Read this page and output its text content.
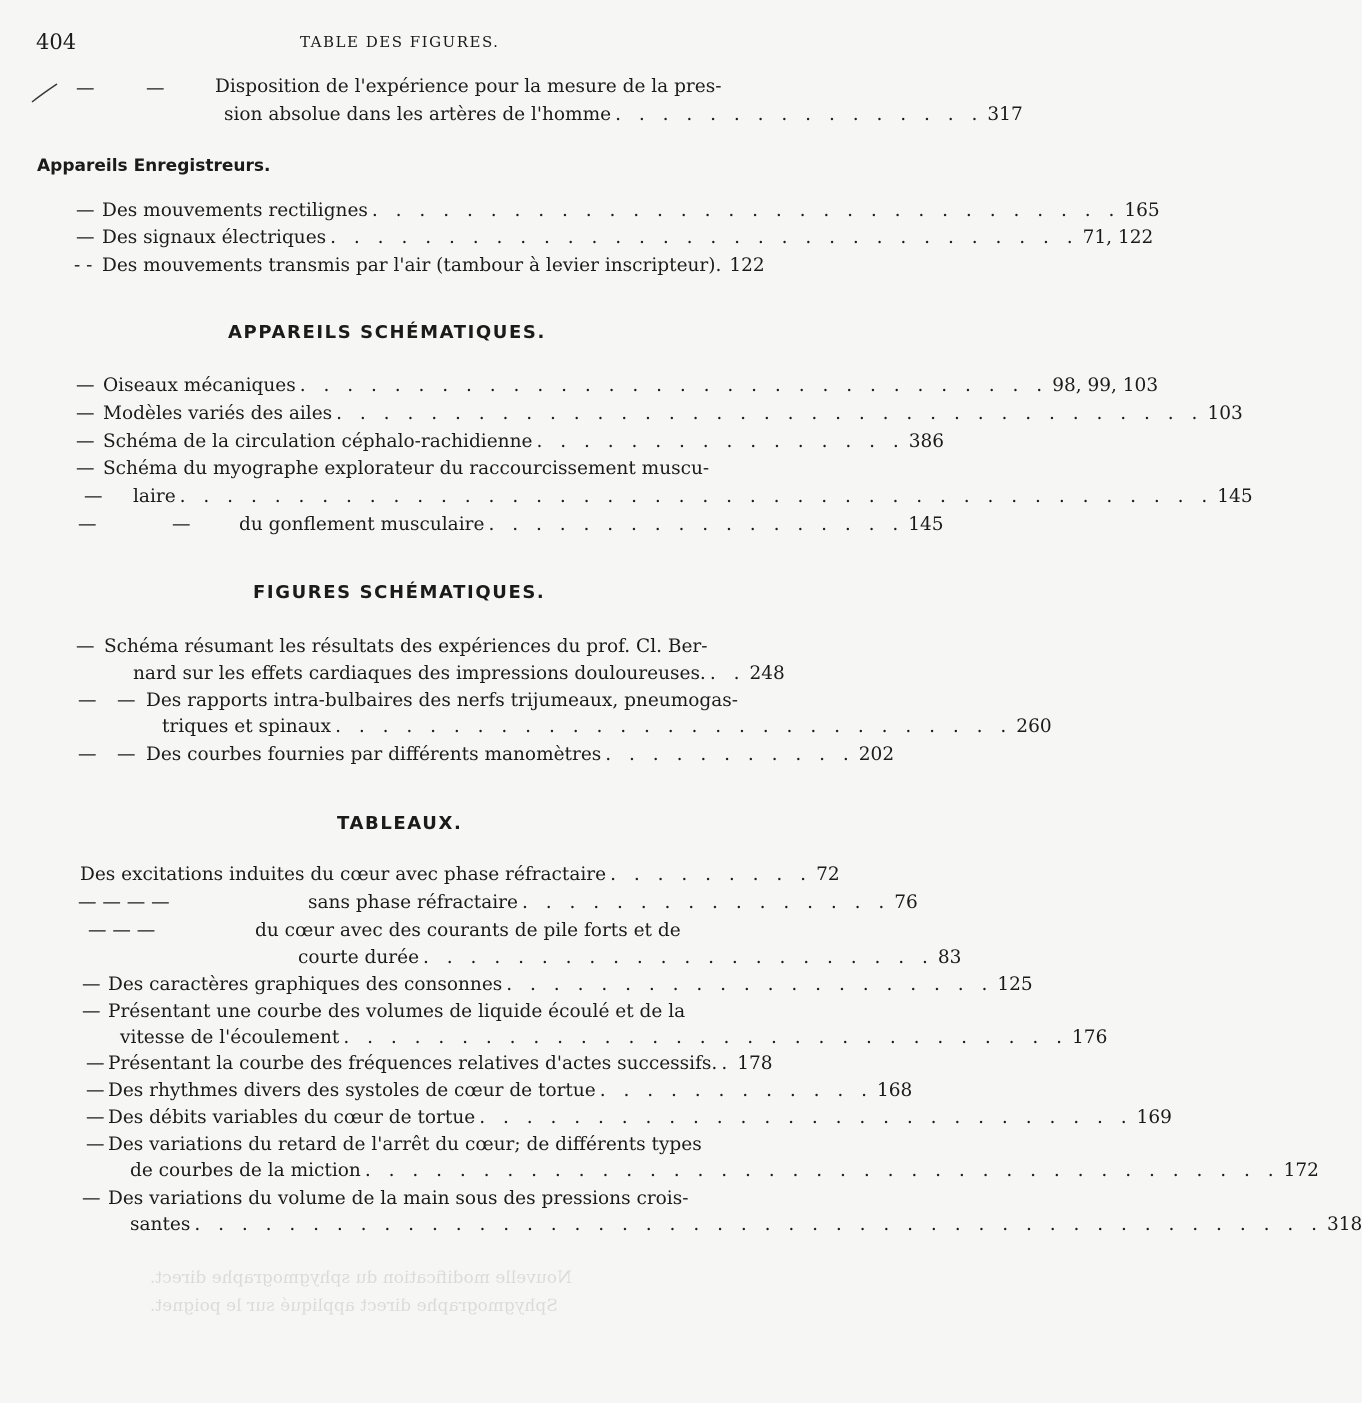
404	TABLE DES FIGURES.
—	—	Disposition de l'expérience pour la mesure de la pres-
sion absolue dans les artères de l'homme . . . . . . . . . . . . . . . . 317
Appareils Enregistreurs.
— Des mouvements rectilignes . . . . . . . . . . . . . . . . . . . . . . . . . . . . . . . . 165
— Des signaux électriques . . . . . . . . . . . . . . . . . . . . . . . . . . . . . . . . 71, 122
- - Des mouvements transmis par l'air (tambour à levier inscripteur). 122
APPAREILS SCHÉMATIQUES.
— Oiseaux mécaniques . . . . . . . . . . . . . . . . . . . . . . . . . . . . . . . . 98, 99, 103
— Modèles variés des ailes . . . . . . . . . . . . . . . . . . . . . . . . . . . . . . . . . . . . . 103
— Schéma de la circulation céphalo-rachidienne . . . . . . . . . . . . . . . . 386
— Schéma du myographe explorateur du raccourcissement muscu-
— laire . . . . . . . . . . . . . . . . . . . . . . . . . . . . . . . . . . . . . . . . . . . . 145
—	—	du gonflement musculaire . . . . . . . . . . . . . . . . . . 145
FIGURES SCHÉMATIQUES.
— Schéma résumant les résultats des expériences du prof. Cl. Ber-
nard sur les effets cardiaques des impressions douloureuses. . . 248
— — Des rapports intra-bulbaires des nerfs trijumeaux, pneumogas-
triques et spinaux . . . . . . . . . . . . . . . . . . . . . . . . . . . . . 260
— — Des courbes fournies par différents manomètres . . . . . . . . . . . 202
TABLEAUX.
Des excitations induites du cœur avec phase réfractaire . . . . . . . . . 72
— — — —	sans phase réfractaire . . . . . . . . . . . . . . . . 76
— — —	du cœur avec des courants de pile forts et de
courte durée . . . . . . . . . . . . . . . . . . . . . . 83
— Des caractères graphiques des consonnes . . . . . . . . . . . . . . . . . . . . . 125
— Présentant une courbe des volumes de liquide écoulé et de la
vitesse de l'écoulement . . . . . . . . . . . . . . . . . . . . . . . . . . . . . . . 176
— Présentant la courbe des fréquences relatives d'actes successifs. . 178
— Des rhythmes divers des systoles de cœur de tortue . . . . . . . . . . . . 168
— Des débits variables du cœur de tortue . . . . . . . . . . . . . . . . . . . . . . . . . . . . 169
— Des variations du retard de l'arrêt du cœur; de différents types
de courbes de la miction . . . . . . . . . . . . . . . . . . . . . . . . . . . . . . . . . . . . . . . 172
— Des variations du volume de la main sous des pressions crois-
santes . . . . . . . . . . . . . . . . . . . . . . . . . . . . . . . . . . . . . . . . . . . . . . . . 318
Nouvelle modification du sphygmographe direct.
Sphygmographe direct appliqué sur le poignet.
